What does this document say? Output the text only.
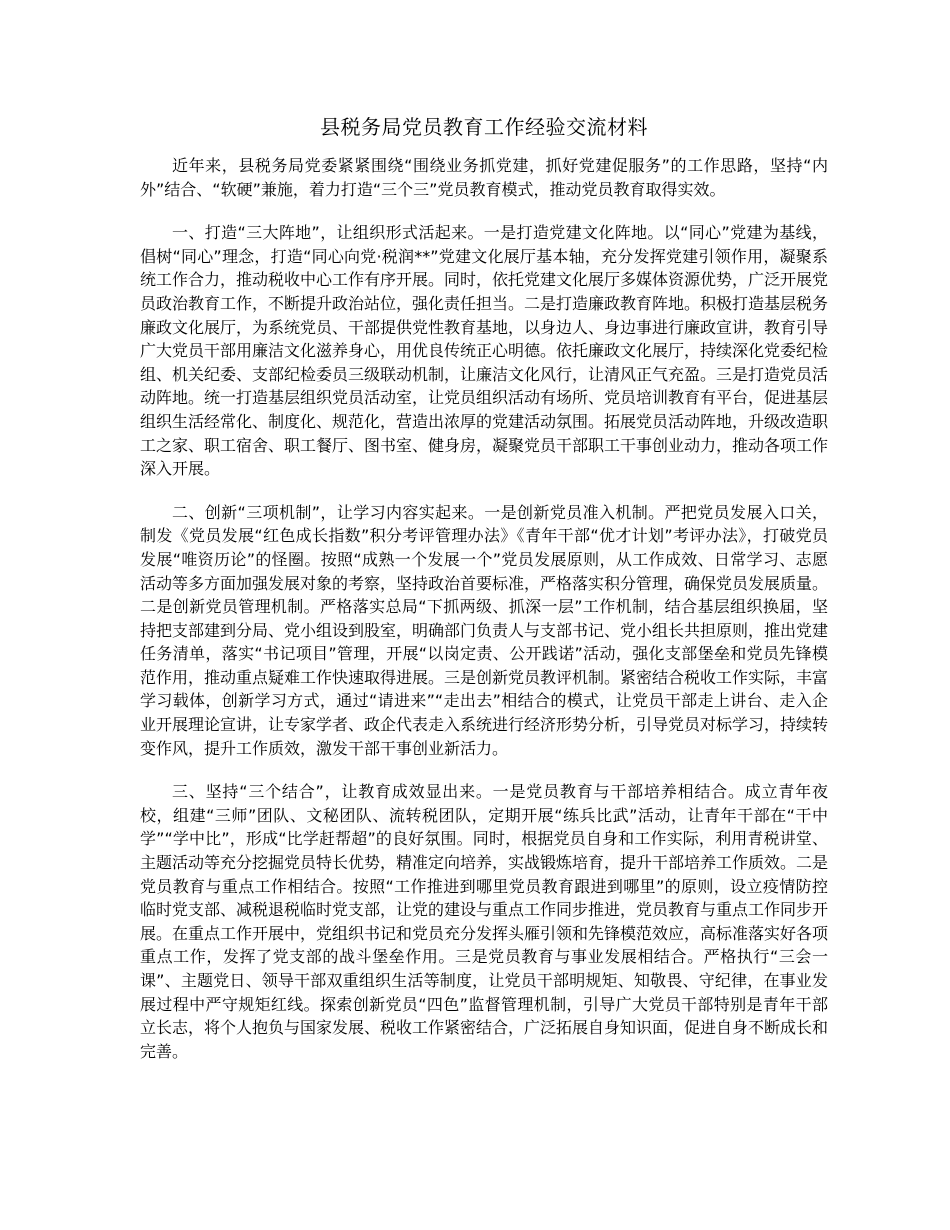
县税务局党员教育工作经验交流材料

近年来，县税务局党委紧紧围绕“围绕业务抓党建，抓好党建促服务”的工作思路，坚持“内外”结合、“软硬”兼施，着力打造“三个三”党员教育模式，推动党员教育取得实效。

一、打造“三大阵地”，让组织形式活起来。一是打造党建文化阵地。以“同心”党建为基线，倡树“同心”理念，打造“同心向党·税润**”党建文化展厅基本轴，充分发挥党建引领作用，凝聚系统工作合力，推动税收中心工作有序开展。同时，依托党建文化展厅多媒体资源优势，广泛开展党员政治教育工作，不断提升政治站位，强化责任担当。二是打造廉政教育阵地。积极打造基层税务廉政文化展厅，为系统党员、干部提供党性教育基地，以身边人、身边事进行廉政宣讲，教育引导广大党员干部用廉洁文化滋养身心，用优良传统正心明德。依托廉政文化展厅，持续深化党委纪检组、机关纪委、支部纪检委员三级联动机制，让廉洁文化风行，让清风正气充盈。三是打造党员活动阵地。统一打造基层组织党员活动室，让党员组织活动有场所、党员培训教育有平台，促进基层组织生活经常化、制度化、规范化，营造出浓厚的党建活动氛围。拓展党员活动阵地，升级改造职工之家、职工宿舍、职工餐厅、图书室、健身房，凝聚党员干部职工干事创业动力，推动各项工作深入开展。

二、创新“三项机制”，让学习内容实起来。一是创新党员准入机制。严把党员发展入口关，制发《党员发展“红色成长指数”积分考评管理办法》《青年干部“优才计划”考评办法》，打破党员发展“唯资历论”的怪圈。按照“成熟一个发展一个”党员发展原则，从工作成效、日常学习、志愿活动等多方面加强发展对象的考察，坚持政治首要标准，严格落实积分管理，确保党员发展质量。二是创新党员管理机制。严格落实总局“下抓两级、抓深一层”工作机制，结合基层组织换届，坚持把支部建到分局、党小组设到股室，明确部门负责人与支部书记、党小组长共担原则，推出党建任务清单，落实“书记项目”管理，开展“以岗定责、公开践诺”活动，强化支部堡垒和党员先锋模范作用，推动重点疑难工作快速取得进展。三是创新党员教评机制。紧密结合税收工作实际，丰富学习载体，创新学习方式，通过“请进来”“走出去”相结合的模式，让党员干部走上讲台、走入企业开展理论宣讲，让专家学者、政企代表走入系统进行经济形势分析，引导党员对标学习，持续转变作风，提升工作质效，激发干部干事创业新活力。

三、坚持“三个结合”，让教育成效显出来。一是党员教育与干部培养相结合。成立青年夜校，组建“三师”团队、文秘团队、流转税团队，定期开展“练兵比武”活动，让青年干部在“干中学”“学中比”，形成“比学赶帮超”的良好氛围。同时，根据党员自身和工作实际，利用青税讲堂、主题活动等充分挖掘党员特长优势，精准定向培养，实战锻炼培育，提升干部培养工作质效。二是党员教育与重点工作相结合。按照“工作推进到哪里党员教育跟进到哪里”的原则，设立疫情防控临时党支部、减税退税临时党支部，让党的建设与重点工作同步推进，党员教育与重点工作同步开展。在重点工作开展中，党组织书记和党员充分发挥头雁引领和先锋模范效应，高标准落实好各项重点工作，发挥了党支部的战斗堡垒作用。三是党员教育与事业发展相结合。严格执行“三会一课”、主题党日、领导干部双重组织生活等制度，让党员干部明规矩、知敬畏、守纪律，在事业发展过程中严守规矩红线。探索创新党员“四色”监督管理机制，引导广大党员干部特别是青年干部立长志，将个人抱负与国家发展、税收工作紧密结合，广泛拓展自身知识面，促进自身不断成长和完善。
